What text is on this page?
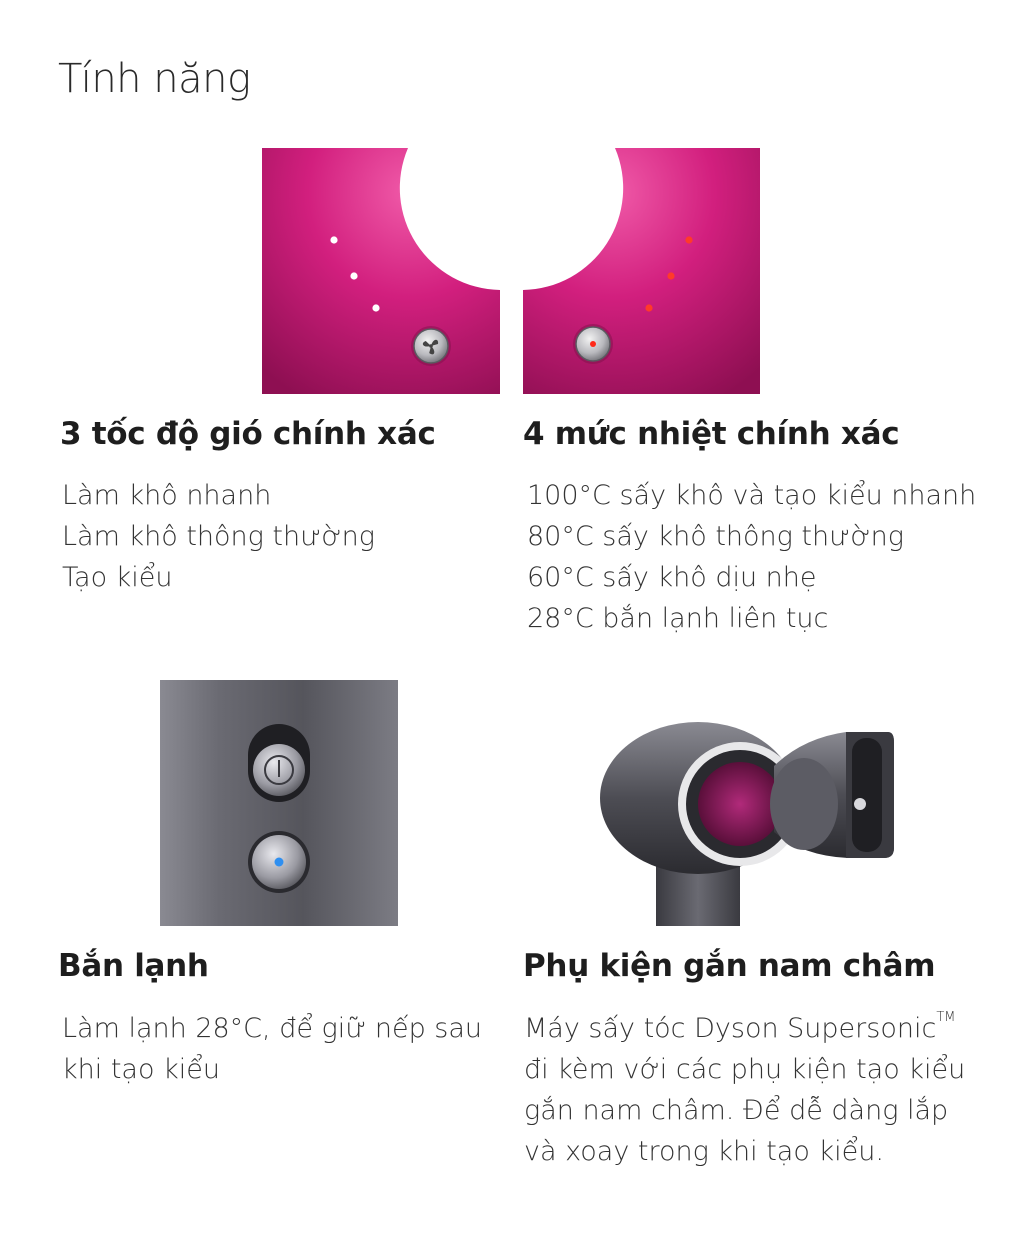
Tính năng
3 tốc độ gió chính xác
Làm khô nhanh
Làm khô thông thường
Tạo kiểu
4 mức nhiệt chính xác
100°C sấy khô và tạo kiểu nhanh
80°C sấy khô thông thường
60°C sấy khô dịu nhẹ
28°C bắn lạnh liên tục
Bắn lạnh

Làm lạnh 28°C, để giữ nếp sau
khi tạo kiểu

Phụ kiện gắn nam châm

Máy sấy tóc Dyson Supersonic™
đi kèm với các phụ kiện tạo kiểu
gắn nam châm. Để dễ dàng lắp
và xoay trong khi tạo kiểu.
